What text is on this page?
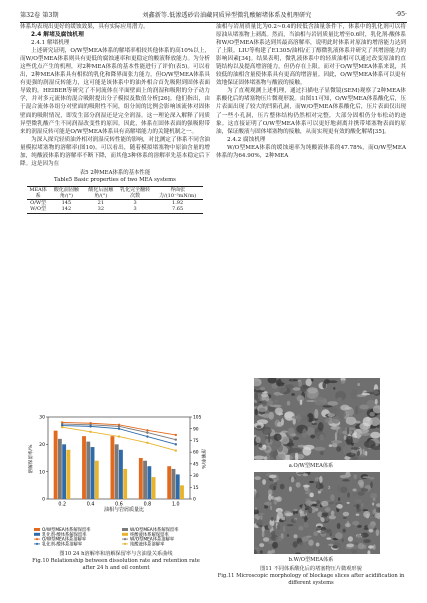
第32卷 第3期	刘鑫新等.低渗透砂岩油藏同质异型微乳酸解堵体系及机理研究	·95·

体系均表现出更好的缓蚀效果，具有实际应用潜力。

2.4 解堵及腐蚀机理

2.4.1 解堵机理

上述研究证明，O/W型MEA体系的解堵率相较其他体系的高10%以上，而W/O型MEA体系则具有更低的腐蚀速率和更稳定的酸液释放能力。为分析这些优点产生的机理，对2种MEA体系的基本性能进行了评价(表5)。可以看出，2种MEA体系具有相似的乳化和降界面张力能力，但O/W型MEA体系具有更强的润湿反转能力，这可能是该体系中的油外相合首先吸附到固体表面导致的。HEIBER等研究了不同流体在平面壁面上的润湿和吸附的分子动力学，并对多元流体的混合吸附提出分子模拟及数值分析[26]。他们指出，由于混合流体各组分对壁面的吸附性不同，组分间的比例会影响该流体对固体壁面的吸附情况，即发生部分润湿还是完全润湿。这一理论深入解释了同质异型微乳酸产生不同润湿改变性的原因。因此，体系在固体表面的强吸附带来的润湿反转可能是O/W型MEA体系具有高解堵能力的关键机制之一。

为深入探究轻质油外相对润湿反转性能的影响，对比测定了体系不同含油量模拟堵塞物的溶解率(图10)。可以看出，随着模拟堵塞物中原油含量的增加，纯酸液体系的溶解率不断下降，而其他3种体系的溶解率先基本稳定后下降。这是因为在

表5 2种MEA体系的基本性能
Table5 Basic properties of two MEA systems
MEA体系	酸化前固触角/(°)	酸化后固触角/(°)	乳化完全翻转次数	界面张力/(10⁻³mN/m)
O/W型	145	21	3	1.92
W/O型	142	32	3	7.65
0
10
20
30
0
15
30
45
60
75
90
105
0.2	0.4	0.6	0.8	1.0
油相与岩屑质量比
溶解保留率/%	溶解率/%

O/W型MEA体系解保留率	W/O型MEA体系解保留率
乳化剂-酸体系解保留率	纯酸液体系解保留率
O/W型MEA体系溶解率	W/O型MEA体系溶解率
乳化剂-酸体系溶解率	纯酸液体系溶解率
图10 24 h溶解率和溶解保留率与含油量关系曲线
Fig.10 Relationship between dissolution rate and retention rate after 24 h and oil content

油相与岩屑质量比为0.2~0.4的较低含油量条件下，体系中的乳化剂可以将原油从堵塞物上剥离。然而，当油相与岩屑质量比增至0.6时，乳化剂-酸体系和W/O型MEA体系达到其最高溶解率，说明此时体系对原油的增溶能力达到了上限。LIU等构建了E1305/油相/正丁醇微乳液体系并研究了其增溶能力的影响因素[34]。结果表明，微乳液体系中的轻质油相可以通过改变原油的直链结构以及提高增溶能力，但仍存在上限。而对于O/W型MEA体系来说，其较低的油相含量使体系具有更高的增溶量。因此，O/W型MEA体系可以更有效地保证固体堵塞物与酸液的接触。

为了直观观测上述机理，通过扫描电子显微镜(SEM)观察了2种MEA体系酸化后的堵塞物压片微观形貌。由图11可知，O/W型MEA体系酸化后，压片表面出现了较大的凹陷孔洞，而W/O型MEA体系酸化后，压片表面仅出现了一些小孔洞，压片整体结构仍然相对完整，大部分固相仍分布松动的迹象。这直接证明了O/W型MEA体系可以更好地剥离并携带堵塞物表面的原油，保证酸液与固体堵塞物的接触，从而实现更有效的酸化解堵[35]。

2.4.2 腐蚀机理

W/O型MEA体系的缓蚀速率为纯酸液体系的47.78%，而O/W型MEA体系的为64.90%，2种MEA

a.O/W型MEA体系
b.W/O型MEA体系
图11 不同体系酸化后的堵塞物压片微观形貌
Fig.11 Microscopic morphology of blockage slices after acidification in different systems
